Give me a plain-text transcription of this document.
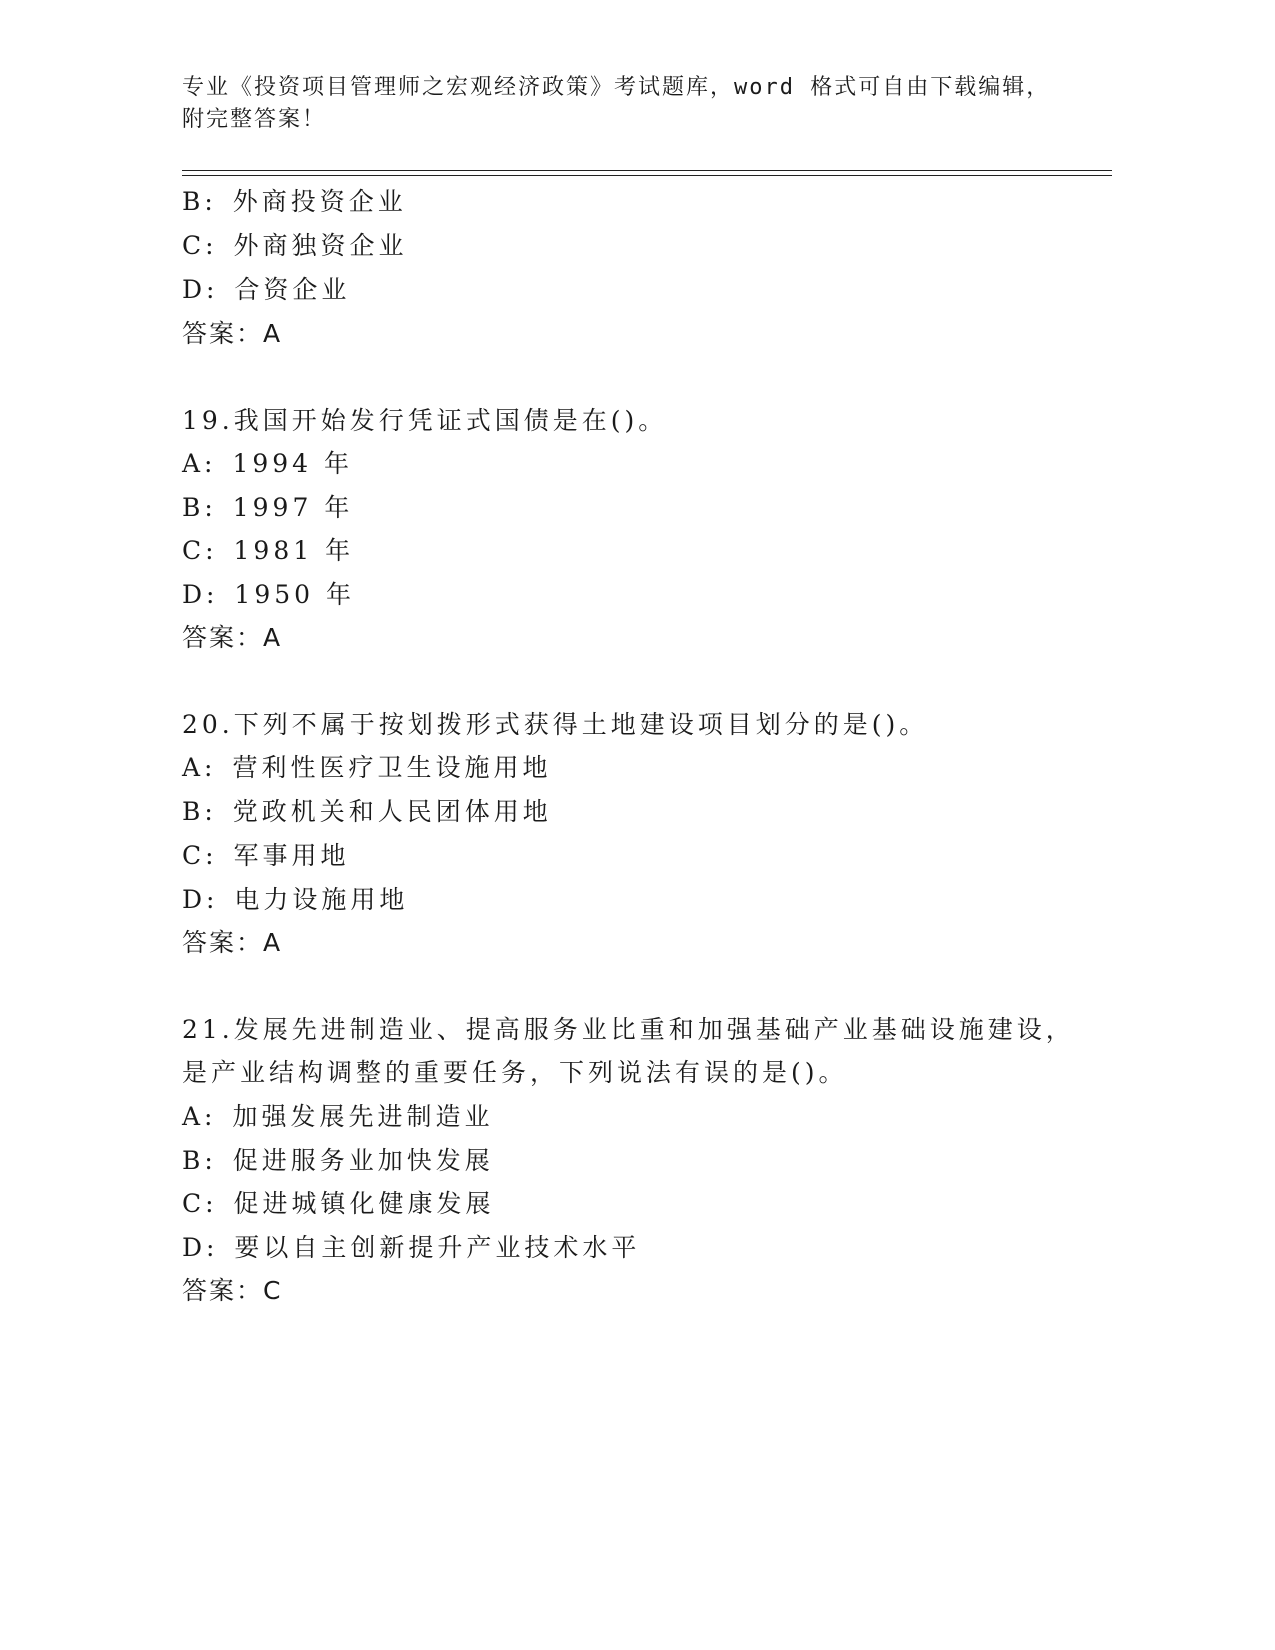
专业《投资项目管理师之宏观经济政策》考试题库，word 格式可自由下载编辑，
附完整答案！
B: 外商投资企业
C: 外商独资企业
D: 合资企业
答案：A
19.我国开始发行凭证式国债是在()。
A: 1994 年
B: 1997 年
C: 1981 年
D: 1950 年
答案：A
20.下列不属于按划拨形式获得土地建设项目划分的是()。
A: 营利性医疗卫生设施用地
B: 党政机关和人民团体用地
C: 军事用地
D: 电力设施用地
答案：A
21.发展先进制造业、提高服务业比重和加强基础产业基础设施建设，
是产业结构调整的重要任务，下列说法有误的是()。
A: 加强发展先进制造业
B: 促进服务业加快发展
C: 促进城镇化健康发展
D: 要以自主创新提升产业技术水平
答案：C
